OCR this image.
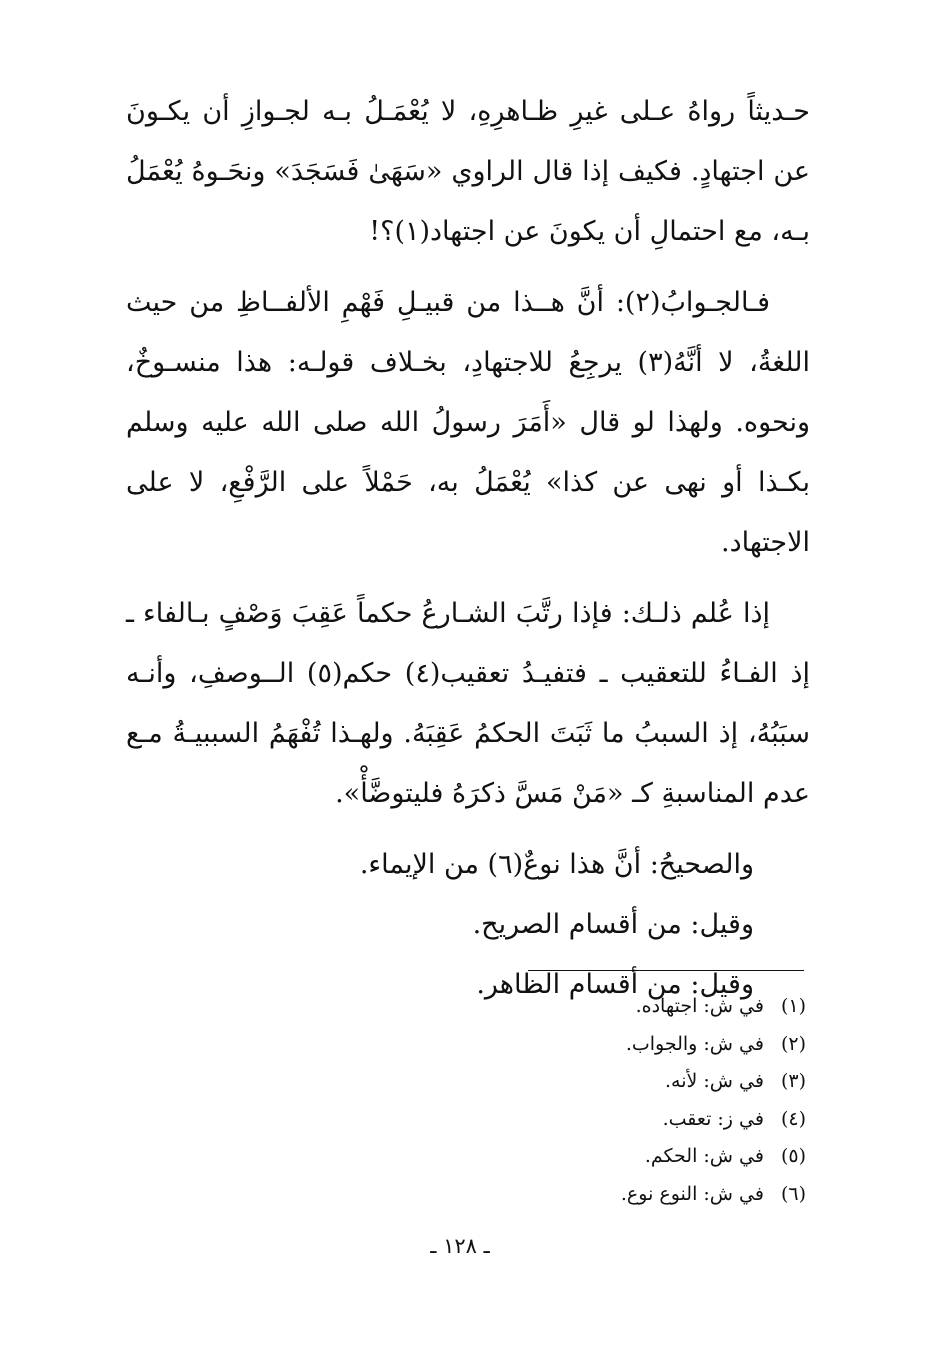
حـديثاً رواهُ عـلى غيرِ ظـاهرِهِ، لا يُعْمَـلُ بـه لجـوازِ أن يكـونَ عن اجتهادٍ. فكيف إذا قال الراوي «سَهَىٰ فَسَجَدَ» ونحَـوهُ يُعْمَلُ بـه، مع احتمالِ أن يكونَ عن اجتهاد(١)؟!

فـالجـوابُ(٢): أنَّ هــذا من قبيـلِ فَهْمِ الألفــاظِ من حيث اللغةُ، لا أنَّهُ(٣) يرجِعُ للاجتهادِ، بخـلاف قولـه: هذا منسـوخٌ، ونحوه. ولهذا لو قال «أَمَرَ رسولُ الله صلى الله عليه وسلم بكـذا أو نهى عن كذا» يُعْمَلُ به، حَمْلاً على الرَّفْعِ، لا على الاجتهاد.

إذا عُلم ذلـك: فإذا رتَّبَ الشـارعُ حكماً عَقِبَ وَصْفٍ بـالفاء ـ إذ الفـاءُ للتعقيب ـ فتفيـدُ تعقيب(٤) حكم(٥) الــوصفِ، وأنـه سبَبُهُ، إذ السببُ ما ثَبَتَ الحكمُ عَقِبَهُ. ولهـذا تُفْهَمُ السببيـةُ مـع عدم المناسبةِ كـ «مَنْ مَسَّ ذكرَهُ فليتوضَّأْ».

والصحيحُ: أنَّ هذا نوعٌ(٦) من الإيماء.

وقيل: من أقسام الصريح.

وقيل: من أقسام الظاهر.

(١) في ش: اجتهاده.
(٢) في ش: والجواب.
(٣) في ش: لأنه.
(٤) في ز: تعقب.
(٥) في ش: الحكم.
(٦) في ش: النوع نوع.
ـ ١٢٨ ـ
